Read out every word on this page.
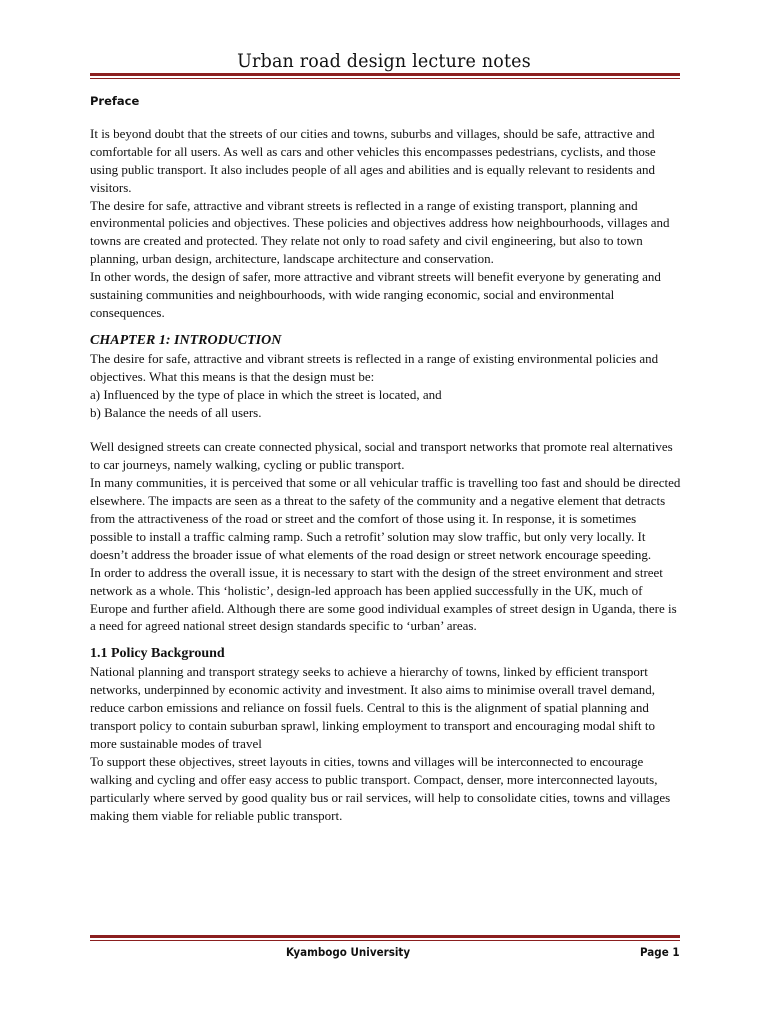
Urban road design lecture notes

Preface

It is beyond doubt that the streets of our cities and towns, suburbs and villages, should be safe, attractive and comfortable for all users. As well as cars and other vehicles this encompasses pedestrians, cyclists, and those using public transport. It also includes people of all ages and abilities and is equally relevant to residents and visitors.

The desire for safe, attractive and vibrant streets is reflected in a range of existing transport, planning and environmental policies and objectives. These policies and objectives address how neighbourhoods, villages and towns are created and protected. They relate not only to road safety and civil engineering, but also to town planning, urban design, architecture, landscape architecture and conservation.

In other words, the design of safer, more attractive and vibrant streets will benefit everyone by generating and sustaining communities and neighbourhoods, with wide ranging economic, social and environmental consequences.

CHAPTER 1: INTRODUCTION

The desire for safe, attractive and vibrant streets is reflected in a range of existing environmental policies and objectives. What this means is that the design must be:

a) Influenced by the type of place in which the street is located, and

b) Balance the needs of all users.

Well designed streets can create connected physical, social and transport networks that promote real alternatives to car journeys, namely walking, cycling or public transport.

In many communities, it is perceived that some or all vehicular traffic is travelling too fast and should be directed elsewhere. The impacts are seen as a threat to the safety of the community and a negative element that detracts from the attractiveness of the road or street and the comfort of those using it. In response, it is sometimes possible to install a traffic calming ramp. Such a retrofit’ solution may slow traffic, but only very locally. It doesn’t address the broader issue of what elements of the road design or street network encourage speeding.

In order to address the overall issue, it is necessary to start with the design of the street environment and street network as a whole. This ‘holistic’, design-led approach has been applied successfully in the UK, much of Europe and further afield. Although there are some good individual examples of street design in Uganda, there is a need for agreed national street design standards specific to ‘urban’ areas.

1.1 Policy Background

National planning and transport strategy seeks to achieve a hierarchy of towns, linked by efficient transport networks, underpinned by economic activity and investment. It also aims to minimise overall travel demand, reduce carbon emissions and reliance on fossil fuels. Central to this is the alignment of spatial planning and transport policy to contain suburban sprawl, linking employment to transport and encouraging modal shift to more sustainable modes of travel

To support these objectives, street layouts in cities, towns and villages will be interconnected to encourage walking and cycling and offer easy access to public transport. Compact, denser, more interconnected layouts, particularly where served by good quality bus or rail services, will help to consolidate cities, towns and villages making them viable for reliable public transport.

Kyambogo University	Page 1
